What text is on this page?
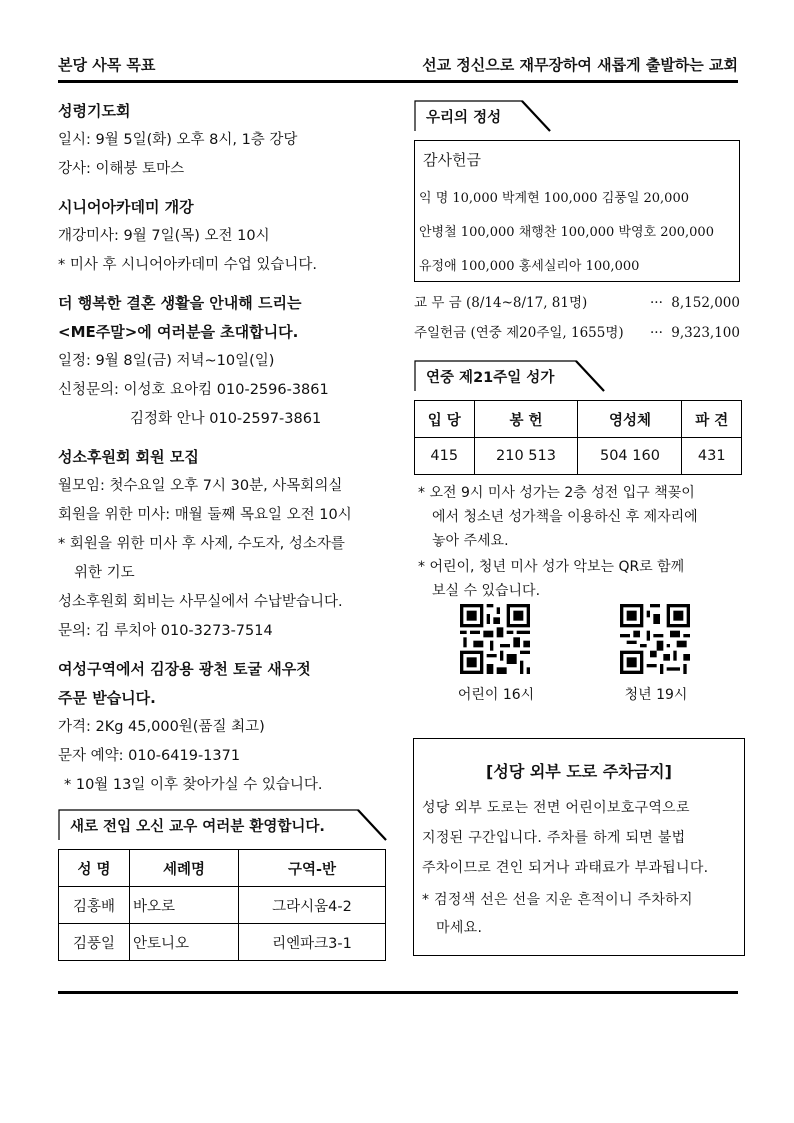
본당 사목 목표	선교 정신으로 재무장하여 새롭게 출발하는 교회
성령기도회
일시: 9월 5일(화) 오후 8시, 1층 강당
강사: 이해붕 토마스
시니어아카데미 개강
개강미사: 9월 7일(목) 오전 10시
* 미사 후 시니어아카데미 수업 있습니다.
더 행복한 결혼 생활을 안내해 드리는
<ME주말>에 여러분을 초대합니다.
일정: 9월 8일(금) 저녁~10일(일)
신청문의: 이성호 요아킴 010-2596-3861
김정화 안나 010-2597-3861
성소후원회 회원 모집
월모임: 첫수요일 오후 7시 30분, 사목회의실
회원을 위한 미사: 매월 둘째 목요일 오전 10시
* 회원을 위한 미사 후 사제, 수도자, 성소자를
위한 기도
성소후원회 회비는 사무실에서 수납받습니다.
문의: 김 루치아 010-3273-7514
여성구역에서 김장용 광천 토굴 새우젓
주문 받습니다.
가격: 2Kg 45,000원(품질 최고)
문자 예약: 010-6419-1371
* 10월 13일 이후 찾아가실 수 있습니다.
새로 전입 오신 교우 여러분 환영합니다.
성 명	세례명	구역-반
김홍배	바오로	그라시움4-2
김풍일	안토니오	리엔파크3-1
우리의 정성
감사헌금
익 명 10,000 박계현 100,000 김풍일 20,000
안병철 100,000 채행찬 100,000 박영호 200,000
유정애 100,000 홍세실리아 100,000
교 무 금 (8/14~8/17, 81명)	··· 8,152,000
주일헌금 (연중 제20주일, 1655명) ··· 9,323,100
연중 제21주일 성가
입 당	봉 헌	영성체	파 견
415	210 513	504 160	431
* 오전 9시 미사 성가는 2층 성전 입구 책꽂이
에서 청소년 성가책을 이용하신 후 제자리에
놓아 주세요.
* 어린이, 청년 미사 성가 악보는 QR로 함께
보실 수 있습니다.
어린이 16시	청년 19시
[성당 외부 도로 주차금지]
성당 외부 도로는 전면 어린이보호구역으로
지정된 구간입니다. 주차를 하게 되면 불법
주차이므로 견인 되거나 과태료가 부과됩니다.
* 검정색 선은 선을 지운 흔적이니 주차하지
마세요.
